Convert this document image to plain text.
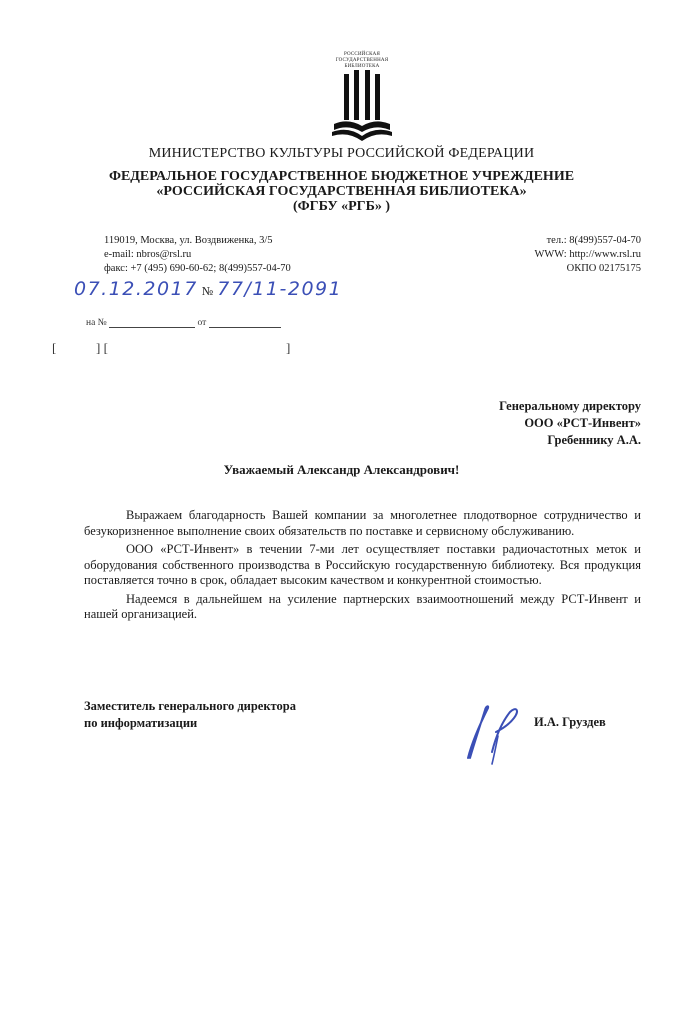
РОССИЙСКАЯ
ГОСУДАРСТВЕННАЯ
БИБЛИОТЕКА
МИНИСТЕРСТВО КУЛЬТУРЫ РОССИЙСКОЙ ФЕДЕРАЦИИ
ФЕДЕРАЛЬНОЕ ГОСУДАРСТВЕННОЕ БЮДЖЕТНОЕ УЧРЕЖДЕНИЕ
«РОССИЙСКАЯ ГОСУДАРСТВЕННАЯ БИБЛИОТЕКА»
(ФГБУ «РГБ» )
119019, Москва, ул. Воздвиженка, 3/5
e-mail: nbros@rsl.ru
факс: +7 (495) 690-60-62; 8(499)557-04-70
тел.: 8(499)557-04-70
WWW: http://www.rsl.ru
ОКПО 02175175
07.12.2017 № 77/11-2091
на №	от
[	] [	]
Генеральному директору
ООО «РСТ-Инвент»
Гребеннику А.А.
Уважаемый Александр Александрович!

Выражаем благодарность Вашей компании за многолетнее плодотворное сотрудничество и безукоризненное выполнение своих обязательств по поставке и сервисному обслуживанию.

ООО «РСТ-Инвент» в течении 7-ми лет осуществляет поставки радиочастотных меток и оборудования собственного производства в Российскую государственную библиотеку. Вся продукция поставляется точно в срок, обладает высоким качеством и конкурентной стоимостью.

Надеемся в дальнейшем на усиление партнерских взаимоотношений между РСТ-Инвент и нашей организацией.

Заместитель генерального директора
по информатизации	И.А. Груздев
